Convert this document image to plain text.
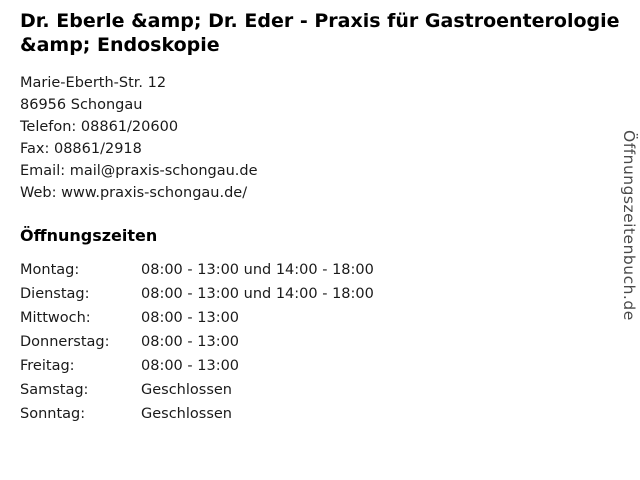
Dr. Eberle &amp; Dr. Eder - Praxis für Gastroenterologie &amp; Endoskopie
Marie-Eberth-Str. 12
86956 Schongau
Telefon: 08861/20600
Fax: 08861/2918
Email: mail@praxis-schongau.de
Web: www.praxis-schongau.de/
Öffnungszeiten
Montag:	08:00 - 13:00 und 14:00 - 18:00
Dienstag:	08:00 - 13:00 und 14:00 - 18:00
Mittwoch:	08:00 - 13:00
Donnerstag:	08:00 - 13:00
Freitag:	08:00 - 13:00
Samstag:	Geschlossen
Sonntag:	Geschlossen
Öffnungszeitenbuch.de
